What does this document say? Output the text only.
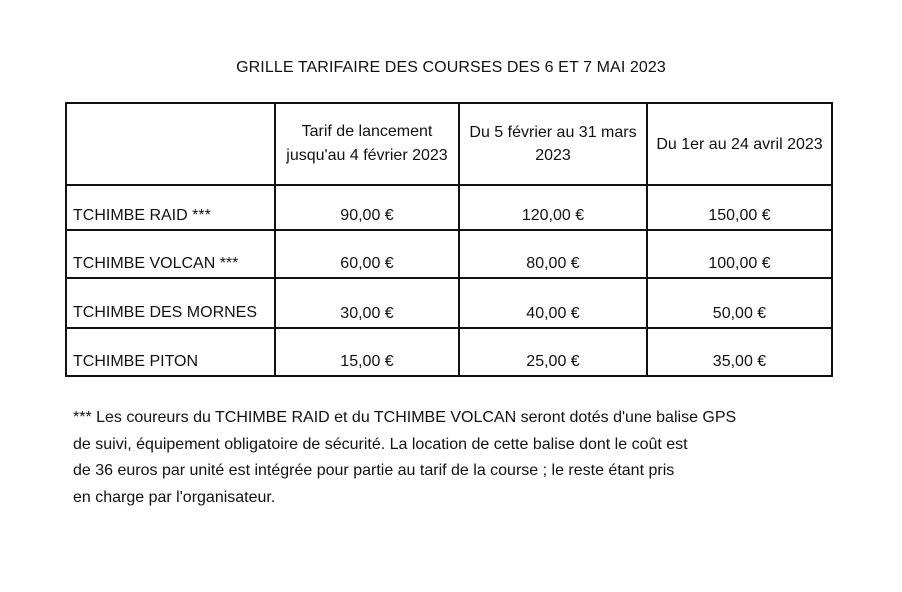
GRILLE TARIFAIRE DES COURSES DES 6 ET 7 MAI 2023
	Tarif de lancement jusqu'au 4 février 2023	Du 5 février au 31 mars 2023	Du 1er au 24 avril 2023
TCHIMBE RAID ***	90,00 €	120,00 €	150,00 €
TCHIMBE VOLCAN ***	60,00 €	80,00 €	100,00 €
TCHIMBE DES MORNES	30,00 €	40,00 €	50,00 €
TCHIMBE PITON	15,00 €	25,00 €	35,00 €
*** Les coureurs du TCHIMBE RAID et du TCHIMBE VOLCAN seront dotés d'une balise GPS
de suivi, équipement obligatoire de sécurité. La location de cette balise dont le coût est
de 36 euros par unité est intégrée pour partie au tarif de la course ; le reste étant pris
en charge par l'organisateur.
